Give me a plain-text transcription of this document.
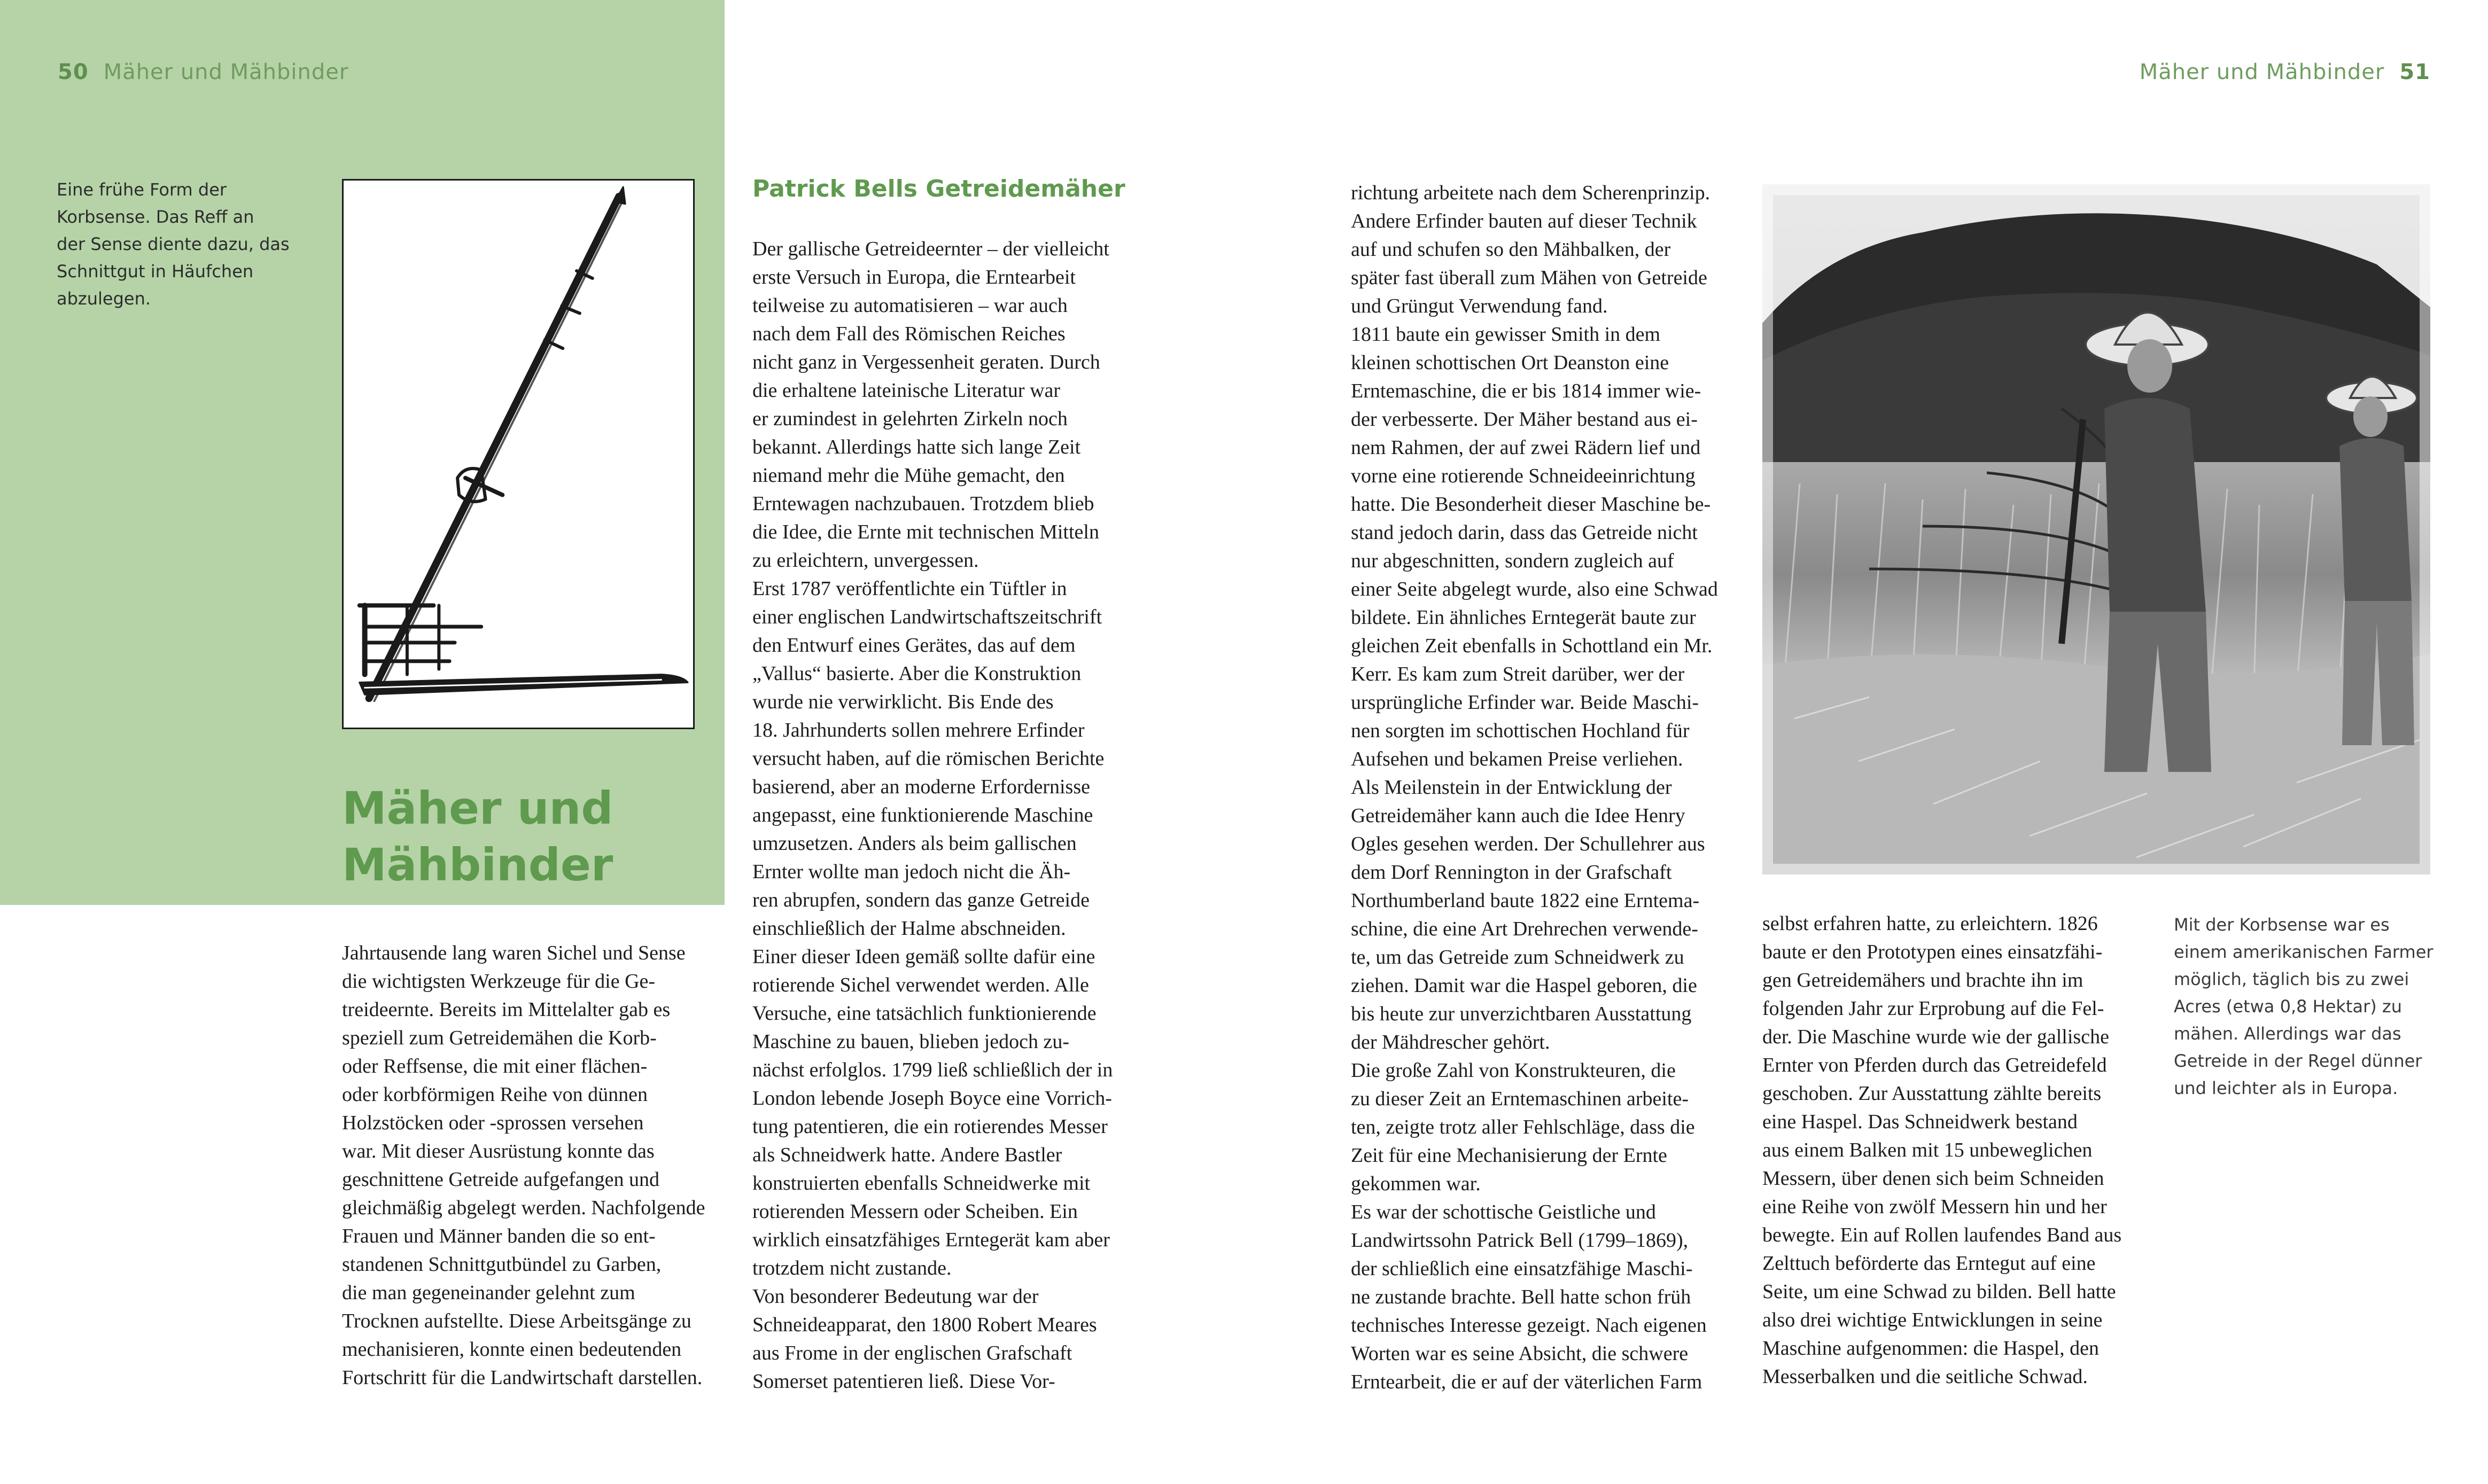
50 Mäher und Mähbinder	Mäher und Mähbinder 51
Eine frühe Form der
Korbsense. Das Reff an
der Sense diente dazu, das
Schnittgut in Häufchen
abzulegen.
Mäher und
Mähbinder
Jahrtausende lang waren Sichel und Sense
die wichtigsten Werkzeuge für die Ge-
treideernte. Bereits im Mittelalter gab es
speziell zum Getreidemähen die Korb-
oder Reffsense, die mit einer flächen-
oder korbförmigen Reihe von dünnen
Holzstöcken oder -sprossen versehen
war. Mit dieser Ausrüstung konnte das
geschnittene Getreide aufgefangen und
gleichmäßig abgelegt werden. Nachfolgende
Frauen und Männer banden die so ent-
standenen Schnittgutbündel zu Garben,
die man gegeneinander gelehnt zum
Trocknen aufstellte. Diese Arbeitsgänge zu
mechanisieren, konnte einen bedeutenden
Fortschritt für die Landwirtschaft darstellen.
Patrick Bells Getreidemäher
Der gallische Getreideernter – der vielleicht
erste Versuch in Europa, die Erntearbeit
teilweise zu automatisieren – war auch
nach dem Fall des Römischen Reiches
nicht ganz in Vergessenheit geraten. Durch
die erhaltene lateinische Literatur war
er zumindest in gelehrten Zirkeln noch
bekannt. Allerdings hatte sich lange Zeit
niemand mehr die Mühe gemacht, den
Erntewagen nachzubauen. Trotzdem blieb
die Idee, die Ernte mit technischen Mitteln
zu erleichtern, unvergessen.
Erst 1787 veröffentlichte ein Tüftler in
einer englischen Landwirtschaftszeitschrift
den Entwurf eines Gerätes, das auf dem
„Vallus“ basierte. Aber die Konstruktion
wurde nie verwirklicht. Bis Ende des
18. Jahrhunderts sollen mehrere Erfinder
versucht haben, auf die römischen Berichte
basierend, aber an moderne Erfordernisse
angepasst, eine funktionierende Maschine
umzusetzen. Anders als beim gallischen
Ernter wollte man jedoch nicht die Äh-
ren abrupfen, sondern das ganze Getreide
einschließlich der Halme abschneiden.
Einer dieser Ideen gemäß sollte dafür eine
rotierende Sichel verwendet werden. Alle
Versuche, eine tatsächlich funktionierende
Maschine zu bauen, blieben jedoch zu-
nächst erfolglos. 1799 ließ schließlich der in
London lebende Joseph Boyce eine Vorrich-
tung patentieren, die ein rotierendes Messer
als Schneidwerk hatte. Andere Bastler
konstruierten ebenfalls Schneidwerke mit
rotierenden Messern oder Scheiben. Ein
wirklich einsatzfähiges Erntegerät kam aber
trotzdem nicht zustande.
Von besonderer Bedeutung war der
Schneideapparat, den 1800 Robert Meares
aus Frome in der englischen Grafschaft
Somerset patentieren ließ. Diese Vor-
richtung arbeitete nach dem Scherenprinzip.
Andere Erfinder bauten auf dieser Technik
auf und schufen so den Mähbalken, der
später fast überall zum Mähen von Getreide
und Grüngut Verwendung fand.
1811 baute ein gewisser Smith in dem
kleinen schottischen Ort Deanston eine
Erntemaschine, die er bis 1814 immer wie-
der verbesserte. Der Mäher bestand aus ei-
nem Rahmen, der auf zwei Rädern lief und
vorne eine rotierende Schneideeinrichtung
hatte. Die Besonderheit dieser Maschine be-
stand jedoch darin, dass das Getreide nicht
nur abgeschnitten, sondern zugleich auf
einer Seite abgelegt wurde, also eine Schwad
bildete. Ein ähnliches Erntegerät baute zur
gleichen Zeit ebenfalls in Schottland ein Mr.
Kerr. Es kam zum Streit darüber, wer der
ursprüngliche Erfinder war. Beide Maschi-
nen sorgten im schottischen Hochland für
Aufsehen und bekamen Preise verliehen.
Als Meilenstein in der Entwicklung der
Getreidemäher kann auch die Idee Henry
Ogles gesehen werden. Der Schullehrer aus
dem Dorf Rennington in der Grafschaft
Northumberland baute 1822 eine Erntema-
schine, die eine Art Drehrechen verwende-
te, um das Getreide zum Schneidwerk zu
ziehen. Damit war die Haspel geboren, die
bis heute zur unverzichtbaren Ausstattung
der Mähdrescher gehört.
Die große Zahl von Konstrukteuren, die
zu dieser Zeit an Erntemaschinen arbeite-
ten, zeigte trotz aller Fehlschläge, dass die
Zeit für eine Mechanisierung der Ernte
gekommen war.
Es war der schottische Geistliche und
Landwirtssohn Patrick Bell (1799–1869),
der schließlich eine einsatzfähige Maschi-
ne zustande brachte. Bell hatte schon früh
technisches Interesse gezeigt. Nach eigenen
Worten war es seine Absicht, die schwere
Erntearbeit, die er auf der väterlichen Farm
selbst erfahren hatte, zu erleichtern. 1826
baute er den Prototypen eines einsatzfähi-
gen Getreidemähers und brachte ihn im
folgenden Jahr zur Erprobung auf die Fel-
der. Die Maschine wurde wie der gallische
Ernter von Pferden durch das Getreidefeld
geschoben. Zur Ausstattung zählte bereits
eine Haspel. Das Schneidwerk bestand
aus einem Balken mit 15 unbeweglichen
Messern, über denen sich beim Schneiden
eine Reihe von zwölf Messern hin und her
bewegte. Ein auf Rollen laufendes Band aus
Zelttuch beförderte das Erntegut auf eine
Seite, um eine Schwad zu bilden. Bell hatte
also drei wichtige Entwicklungen in seine
Maschine aufgenommen: die Haspel, den
Messerbalken und die seitliche Schwad.
Mit der Korbsense war es
einem amerikanischen Farmer
möglich, täglich bis zu zwei
Acres (etwa 0,8 Hektar) zu
mähen. Allerdings war das
Getreide in der Regel dünner
und leichter als in Europa.
